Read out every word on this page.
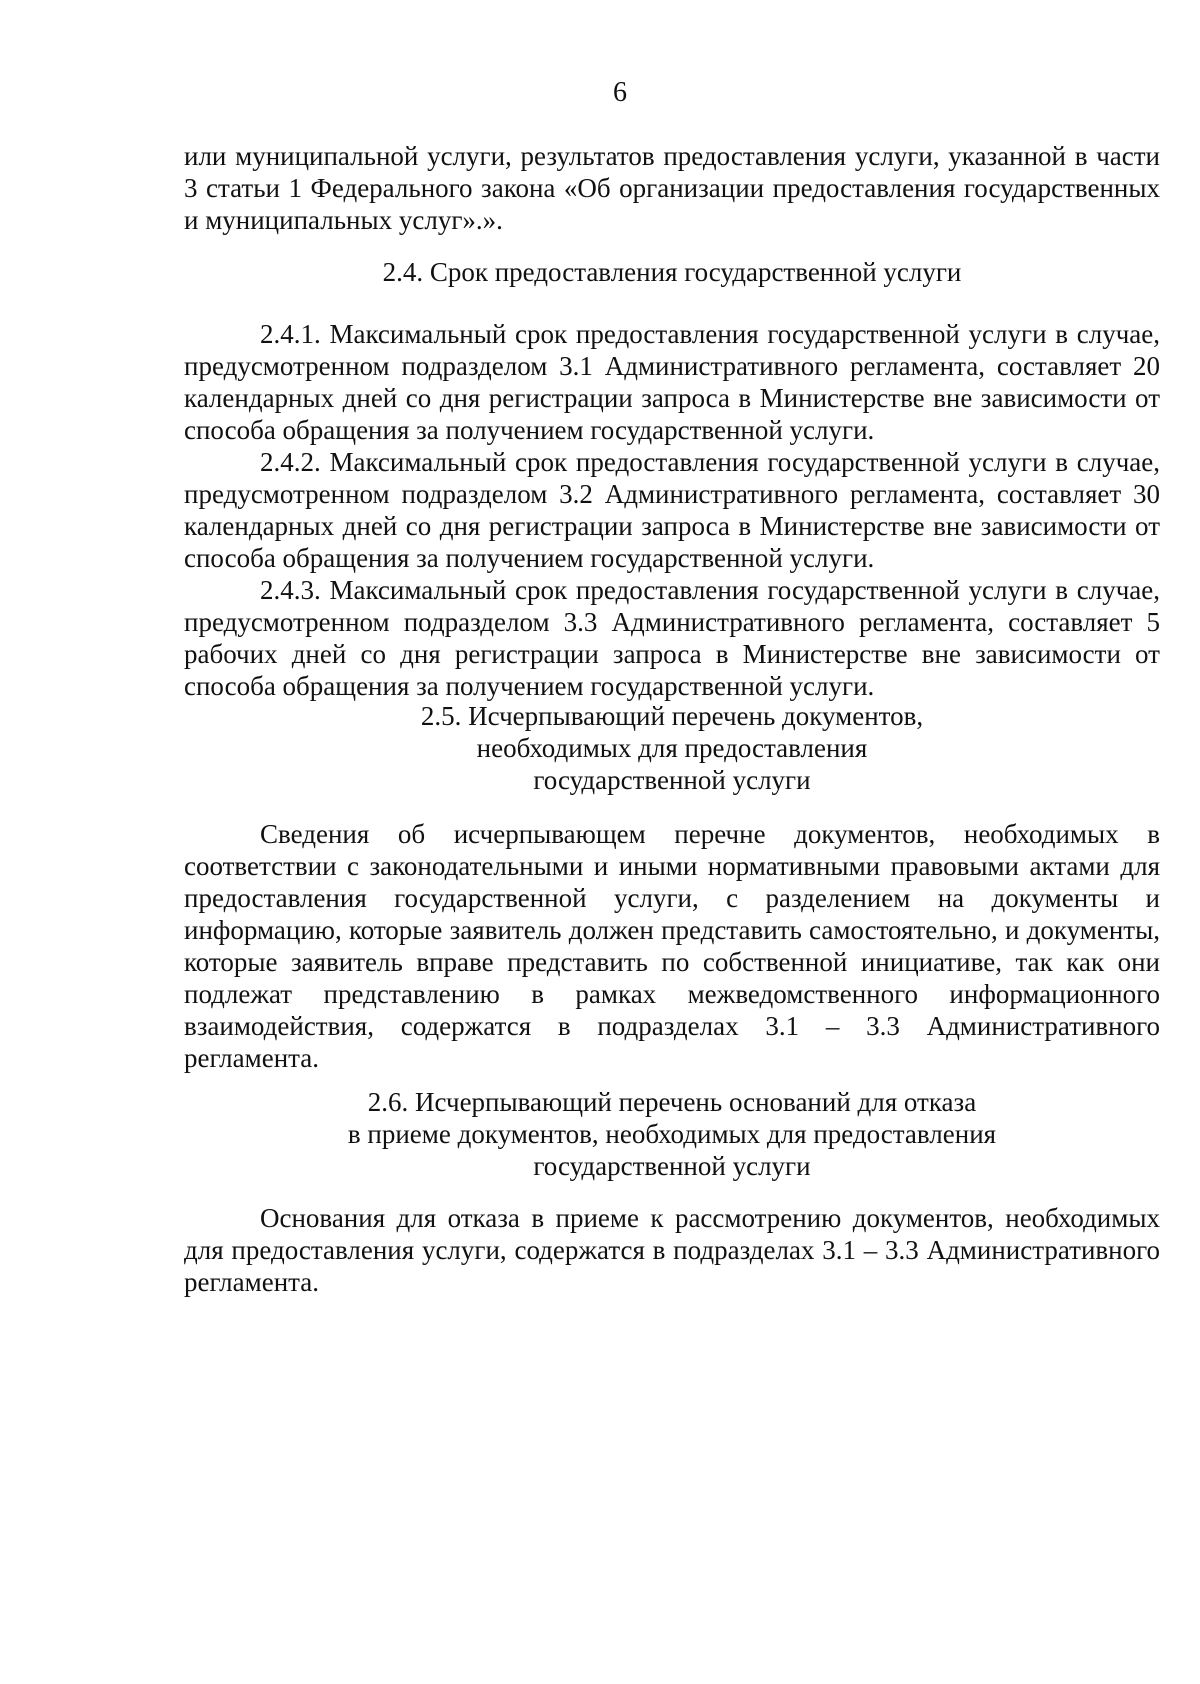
6

или муниципальной услуги, результатов предоставления услуги, указанной в части 3 статьи 1 Федерального закона «Об организации предоставления государственных и муниципальных услуг».».

2.4. Срок предоставления государственной услуги

2.4.1. Максимальный срок предоставления государственной услуги в случае, предусмотренном подразделом 3.1 Административного регламента, составляет 20 календарных дней со дня регистрации запроса в Министерстве вне зависимости от способа обращения за получением государственной услуги.

2.4.2. Максимальный срок предоставления государственной услуги в случае, предусмотренном подразделом 3.2 Административного регламента, составляет 30 календарных дней со дня регистрации запроса в Министерстве вне зависимости от способа обращения за получением государственной услуги.

2.4.3. Максимальный срок предоставления государственной услуги в случае, предусмотренном подразделом 3.3 Административного регламента, составляет 5 рабочих дней со дня регистрации запроса в Министерстве вне зависимости от способа обращения за получением государственной услуги.

2.5. Исчерпывающий перечень документов,
необходимых для предоставления
государственной услуги

Сведения об исчерпывающем перечне документов, необходимых в соответствии с законодательными и иными нормативными правовыми актами для предоставления государственной услуги, с разделением на документы и информацию, которые заявитель должен представить самостоятельно, и документы, которые заявитель вправе представить по собственной инициативе, так как они подлежат представлению в рамках межведомственного информационного взаимодействия, содержатся в подразделах 3.1 – 3.3 Административного регламента.

2.6. Исчерпывающий перечень оснований для отказа
в приеме документов, необходимых для предоставления
государственной услуги

Основания для отказа в приеме к рассмотрению документов, необходимых для предоставления услуги, содержатся в подразделах 3.1 – 3.3 Административного регламента.
